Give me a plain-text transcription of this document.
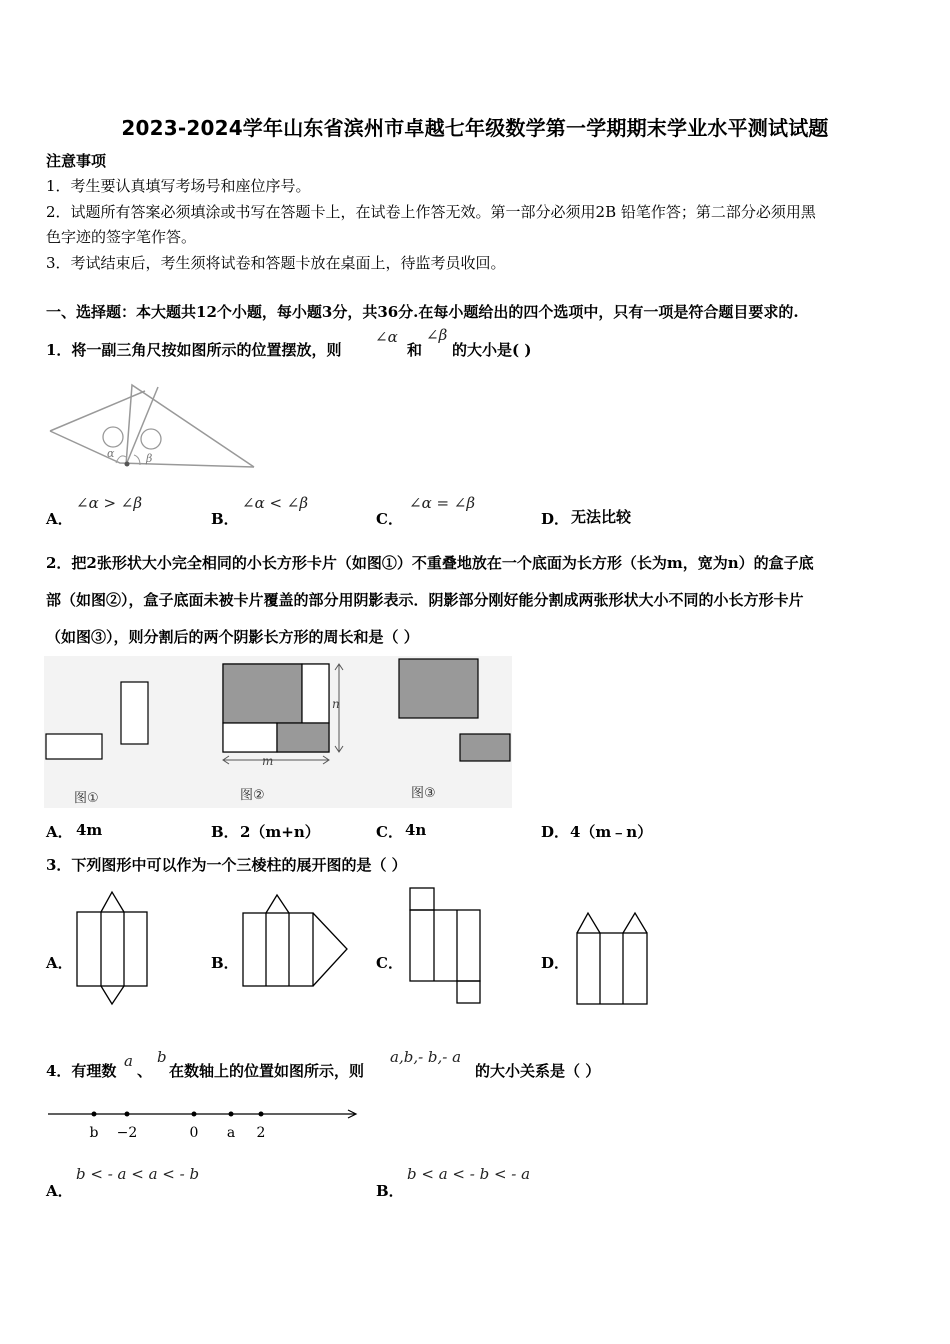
2023-2024学年山东省滨州市卓越七年级数学第一学期期末学业水平测试试题
注意事项
1．考生要认真填写考场号和座位序号。
2．试题所有答案必须填涂或书写在答题卡上，在试卷上作答无效。第一部分必须用2B 铅笔作答；第二部分必须用黑
色字迹的签字笔作答。
3．考试结束后，考生须将试卷和答题卡放在桌面上，待监考员收回。
一、选择题：本大题共12个小题，每小题3分，共36分.在每小题给出的四个选项中，只有一项是符合题目要求的.
1．将一副三角尺按如图所示的位置摆放，则
∠α
和
∠β
的大小是( )
α	β
A．
∠α > ∠β
B．
∠α < ∠β
C．
∠α = ∠β
D． 无法比较
2．把2张形状大小完全相同的小长方形卡片（如图①）不重叠地放在一个底面为长方形（长为m，宽为n）的盒子底
部（如图②），盒子底面未被卡片覆盖的部分用阴影表示．阴影部分刚好能分割成两张形状大小不同的小长方形卡片
（如图③），则分割后的两个阴影长方形的周长和是（ ）
n
m
图①	图②	图③
A． 4m	B． 2（m+n）	C． 4n	D． 4（m﹣n）
3．下列图形中可以作为一个三棱柱的展开图的是（ ）
A．	B．	C．	D．
4．有理数
a
、
b
在数轴上的位置如图所示，则
a,b,- b,- a
的大小关系是（ ）
b −2	0 a 2
A．
b < - a < a < - b
B．
b < a < - b < - a
